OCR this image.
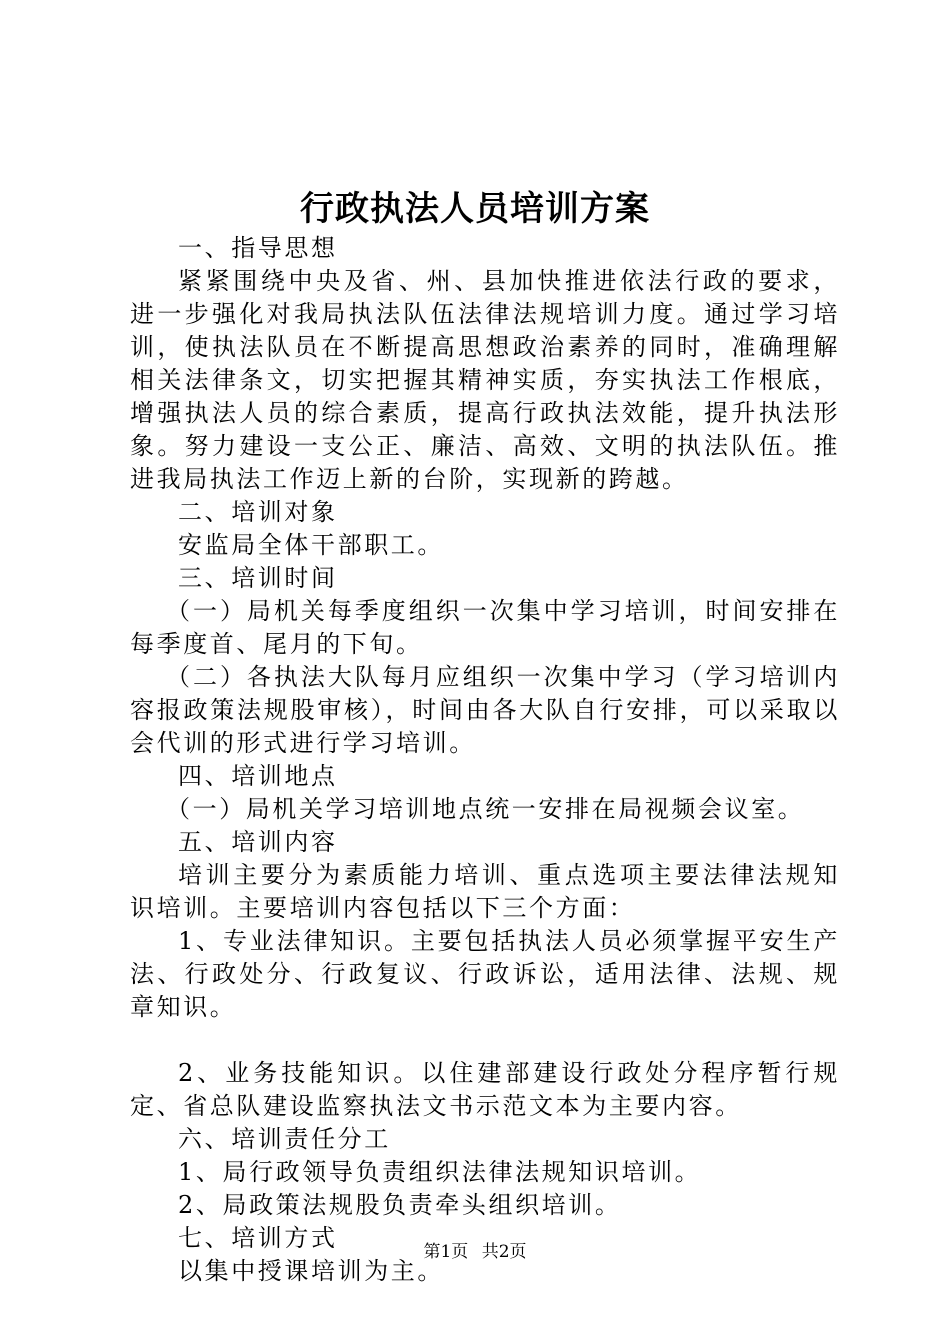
行政执法人员培训方案

一、指导思想

紧紧围绕中央及省、州、县加快推进依法行政的要求，进一步强化对我局执法队伍法律法规培训力度。通过学习培训，使执法队员在不断提高思想政治素养的同时，准确理解相关法律条文，切实把握其精神实质，夯实执法工作根底，增强执法人员的综合素质，提高行政执法效能，提升执法形象。努力建设一支公正、廉洁、高效、文明的执法队伍。推进我局执法工作迈上新的台阶，实现新的跨越。

二、培训对象

安监局全体干部职工。

三、培训时间

（一）局机关每季度组织一次集中学习培训，时间安排在每季度首、尾月的下旬。

（二）各执法大队每月应组织一次集中学习（学习培训内容报政策法规股审核），时间由各大队自行安排，可以采取以会代训的形式进行学习培训。

四、培训地点

（一）局机关学习培训地点统一安排在局视频会议室。

五、培训内容

培训主要分为素质能力培训、重点选项主要法律法规知识培训。主要培训内容包括以下三个方面：

1、专业法律知识。主要包括执法人员必须掌握平安生产法、行政处分、行政复议、行政诉讼，适用法律、法规、规章知识。

2、业务技能知识。以住建部建设行政处分程序暂行规定、省总队建设监察执法文书示范文本为主要内容。

六、培训责任分工

1、局行政领导负责组织法律法规知识培训。

2、局政策法规股负责牵头组织培训。

七、培训方式

以集中授课培训为主。

第1页 共2页
